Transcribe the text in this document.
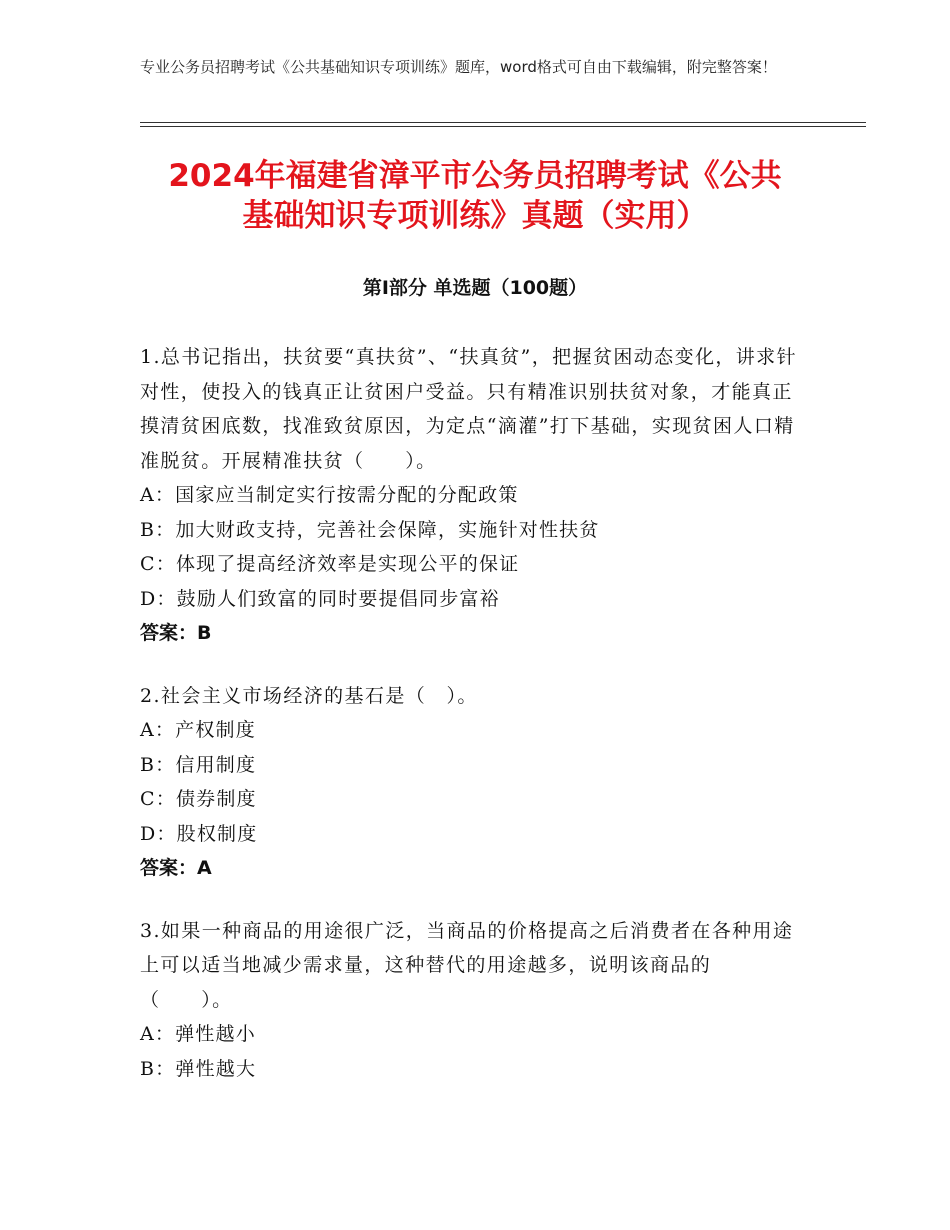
专业公务员招聘考试《公共基础知识专项训练》题库，word格式可自由下载编辑，附完整答案！
2024年福建省漳平市公务员招聘考试《公共
基础知识专项训练》真题（实用）
第Ⅰ部分 单选题（100题）

1.总书记指出，扶贫要“真扶贫”、“扶真贫”，把握贫困动态变化，讲求针对性，使投入的钱真正让贫困户受益。只有精准识别扶贫对象，才能真正摸清贫困底数，找准致贫原因，为定点“滴灌”打下基础，实现贫困人口精准脱贫。开展精准扶贫（　　）。

A：国家应当制定实行按需分配的分配政策

B：加大财政支持，完善社会保障，实施针对性扶贫

C：体现了提高经济效率是实现公平的保证

D：鼓励人们致富的同时要提倡同步富裕

答案：B

2.社会主义市场经济的基石是（　）。

A：产权制度

B：信用制度

C：债券制度

D：股权制度

答案：A

3.如果一种商品的用途很广泛，当商品的价格提高之后消费者在各种用途上可以适当地减少需求量，这种替代的用途越多，说明该商品的（　　）。

A：弹性越小

B：弹性越大
